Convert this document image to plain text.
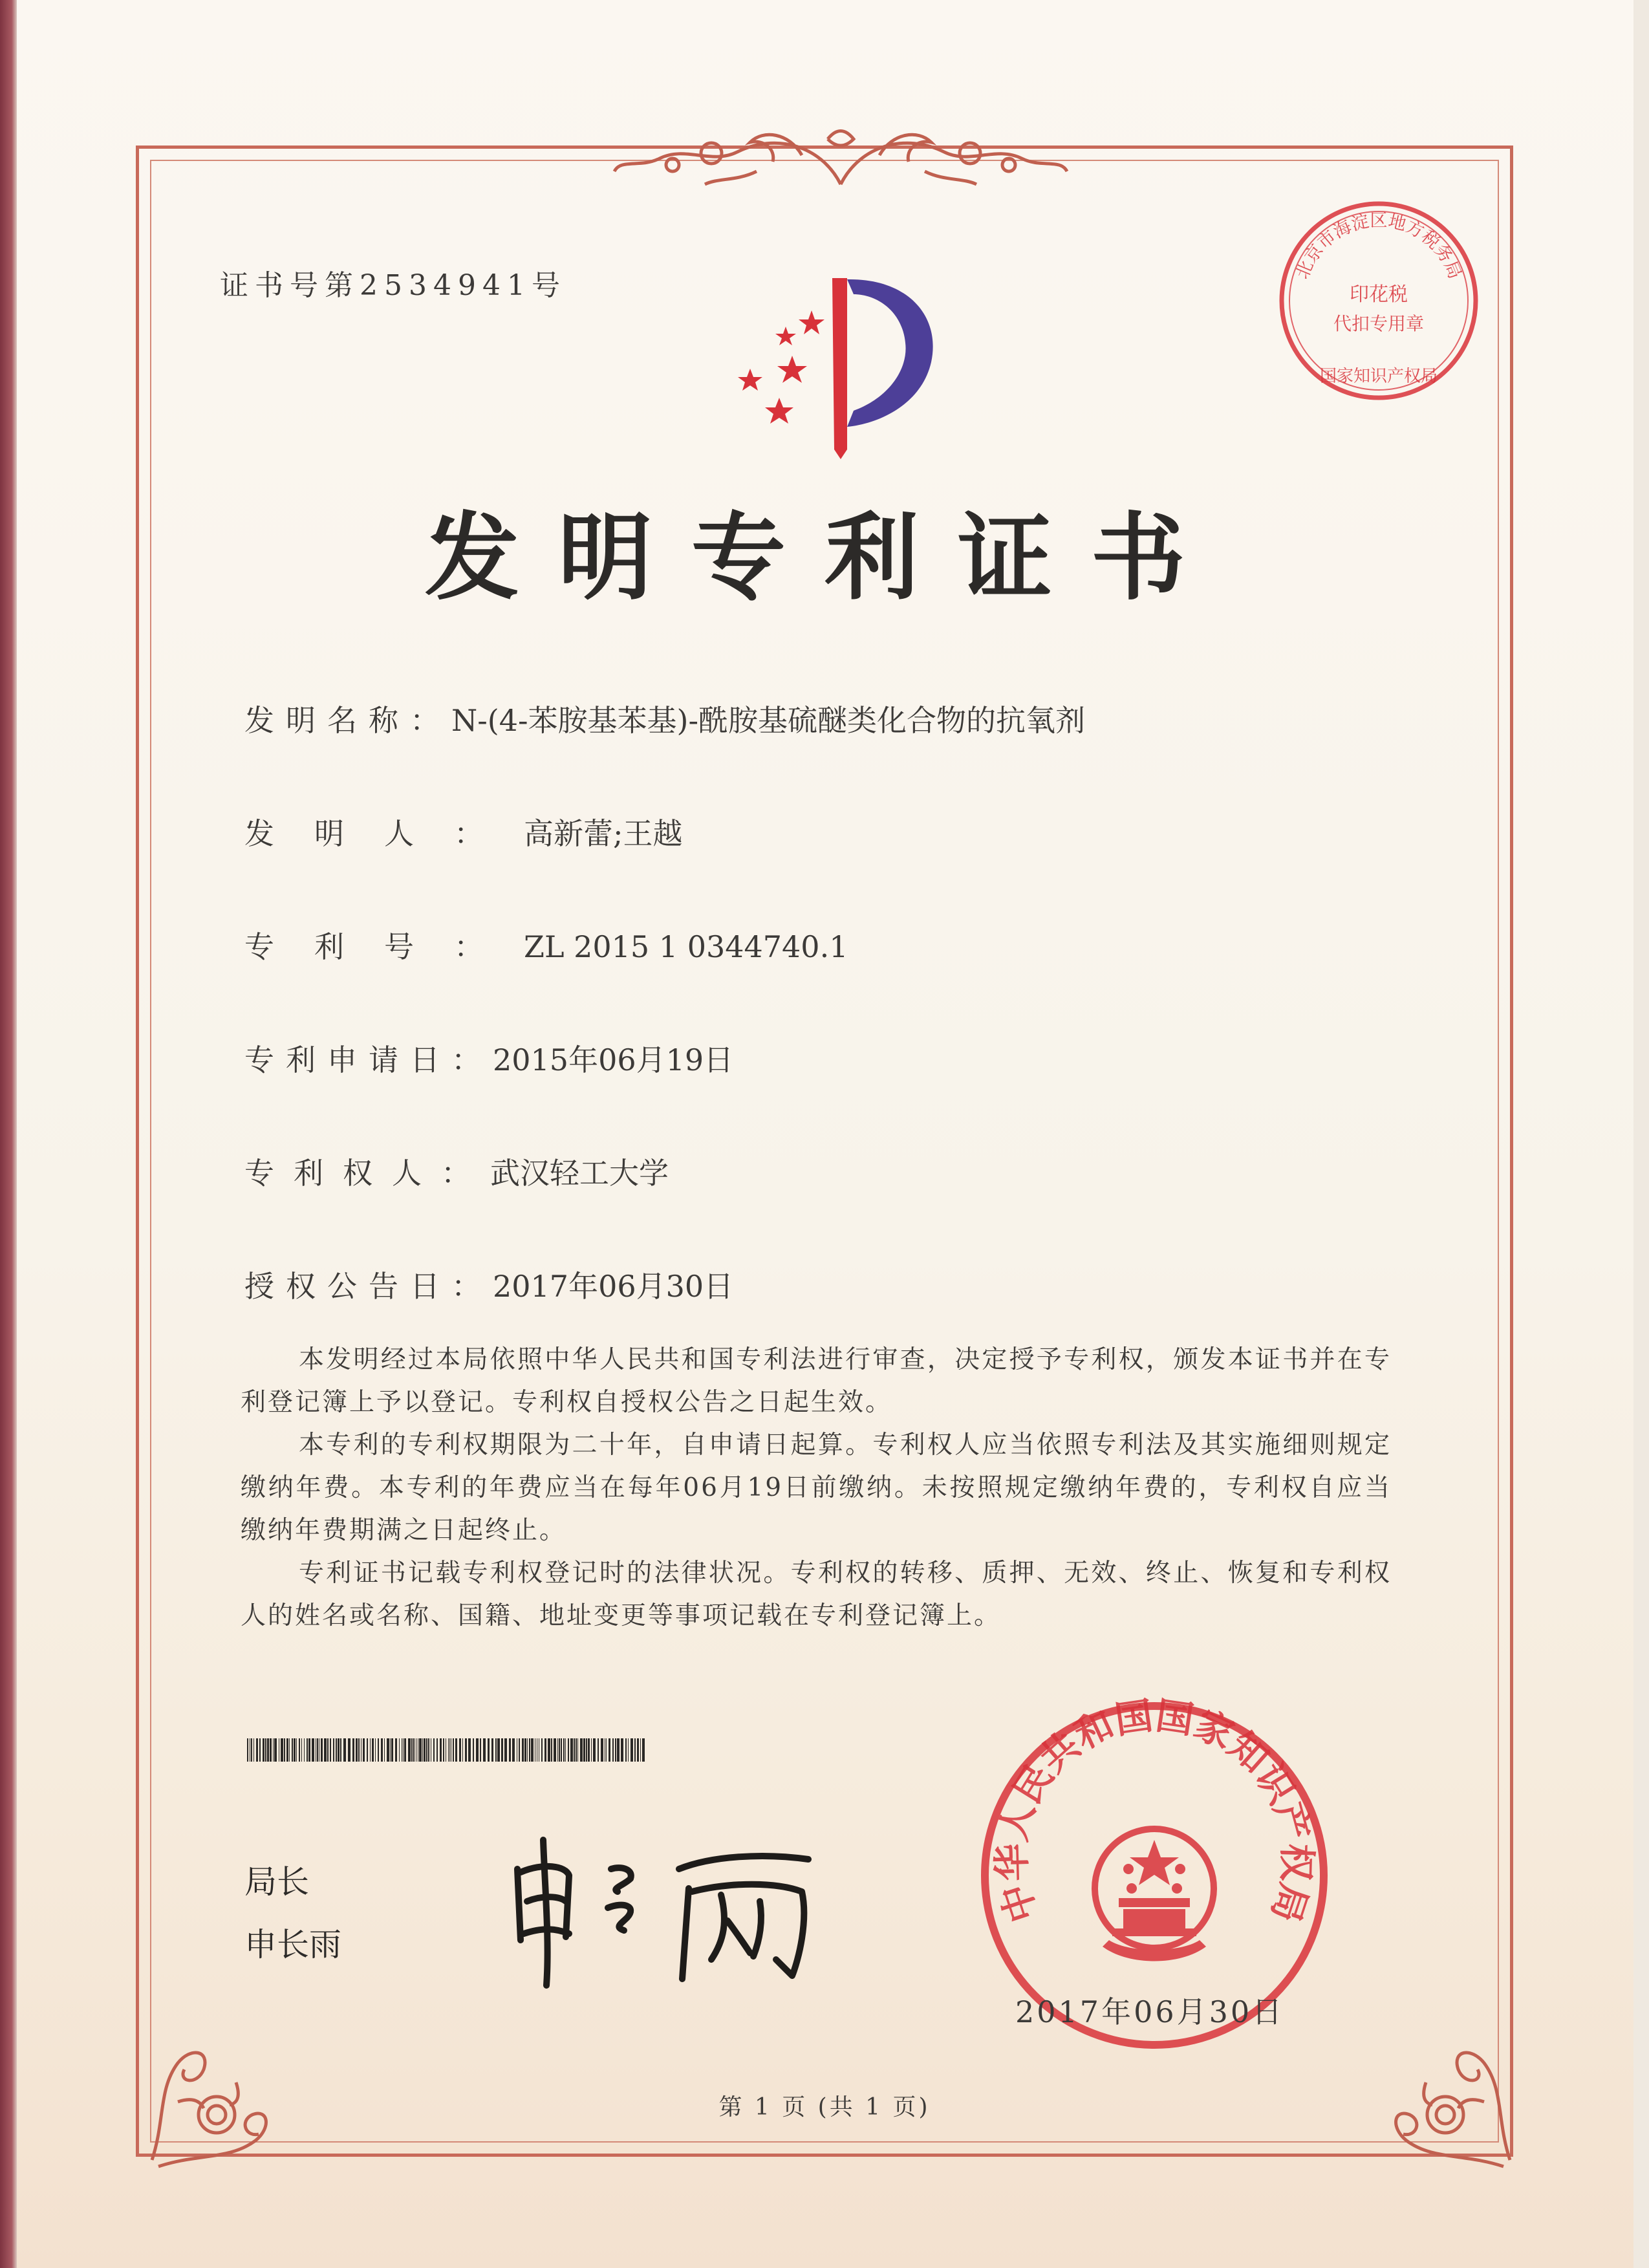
证书号第2534941号
发明专利证书
发明名称：N-(4-苯胺基苯基)-酰胺基硫醚类化合物的抗氧剂
发明人：高新蕾;王越
专利号：ZL 2015 1 0344740.1
专利申请日：2015年06月19日
专利权人：武汉轻工大学
授权公告日：2017年06月30日

本发明经过本局依照中华人民共和国专利法进行审查，决定授予专利权，颁发本证书并在专利登记簿上予以登记。专利权自授权公告之日起生效。

本专利的专利权期限为二十年，自申请日起算。专利权人应当依照专利法及其实施细则规定缴纳年费。本专利的年费应当在每年06月19日前缴纳。未按照规定缴纳年费的，专利权自应当缴纳年费期满之日起终止。

专利证书记载专利权登记时的法律状况。专利权的转移、质押、无效、终止、恢复和专利权人的姓名或名称、国籍、地址变更等事项记载在专利登记簿上。

局长
申长雨
北京市海淀区地方税务局
印花税
代扣专用章
国家知识产权局
中华人民共和国国家知识产权局
2017年06月30日
第 1 页 (共 1 页)
